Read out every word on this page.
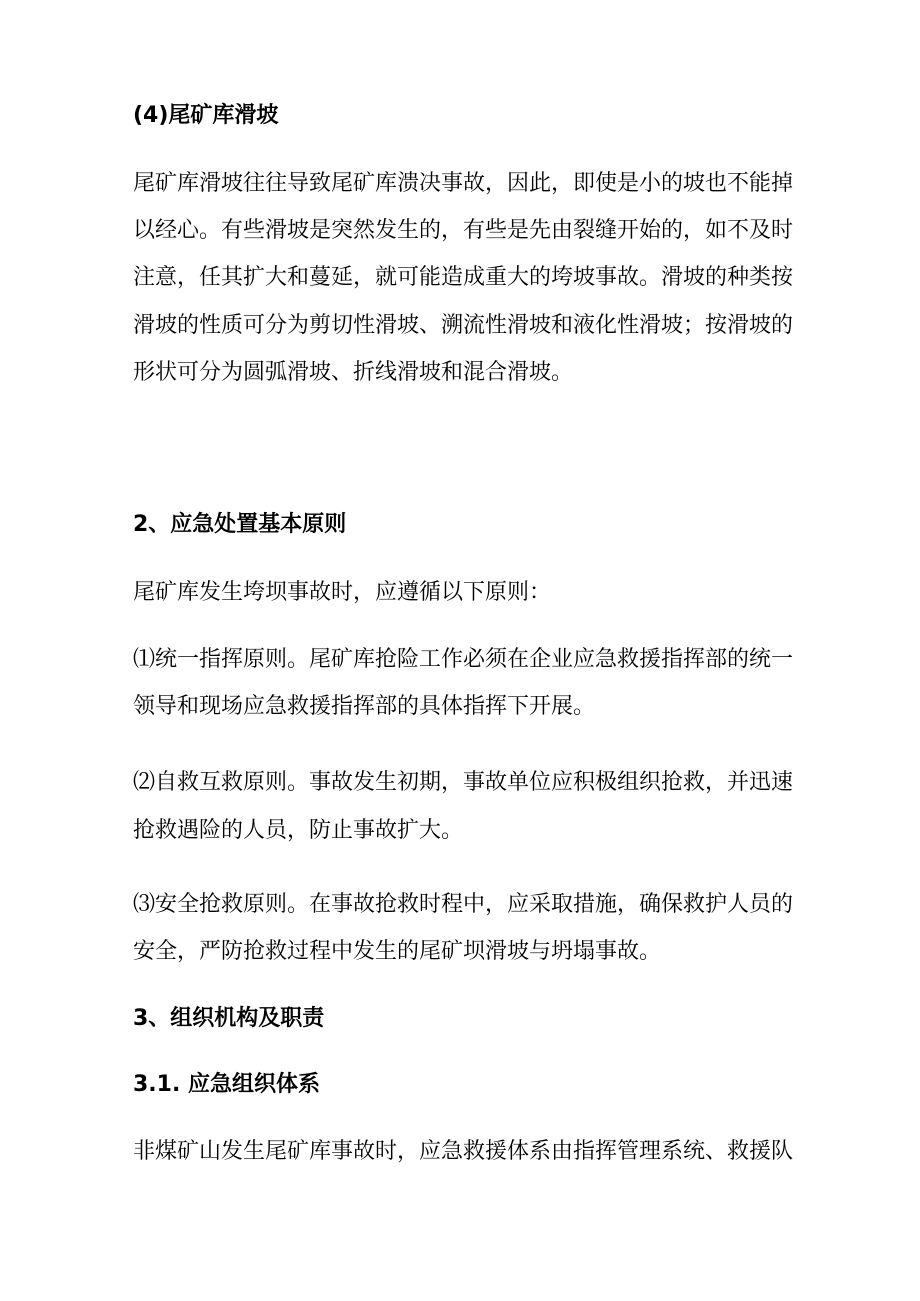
(4)尾矿库滑坡
尾矿库滑坡往往导致尾矿库溃决事故，因此，即使是小的坡也不能掉
以经心。有些滑坡是突然发生的，有些是先由裂缝开始的，如不及时
注意，任其扩大和蔓延，就可能造成重大的垮坡事故。滑坡的种类按
滑坡的性质可分为剪切性滑坡、溯流性滑坡和液化性滑坡；按滑坡的
形状可分为圆弧滑坡、折线滑坡和混合滑坡。
2、应急处置基本原则
尾矿库发生垮坝事故时，应遵循以下原则：
⑴统一指挥原则。尾矿库抢险工作必须在企业应急救援指挥部的统一
领导和现场应急救援指挥部的具体指挥下开展。
⑵自救互救原则。事故发生初期，事故单位应积极组织抢救，并迅速
抢救遇险的人员，防止事故扩大。
⑶安全抢救原则。在事故抢救时程中，应采取措施，确保救护人员的
安全，严防抢救过程中发生的尾矿坝滑坡与坍塌事故。
3、组织机构及职责
3.1. 应急组织体系
非煤矿山发生尾矿库事故时，应急救援体系由指挥管理系统、救援队
